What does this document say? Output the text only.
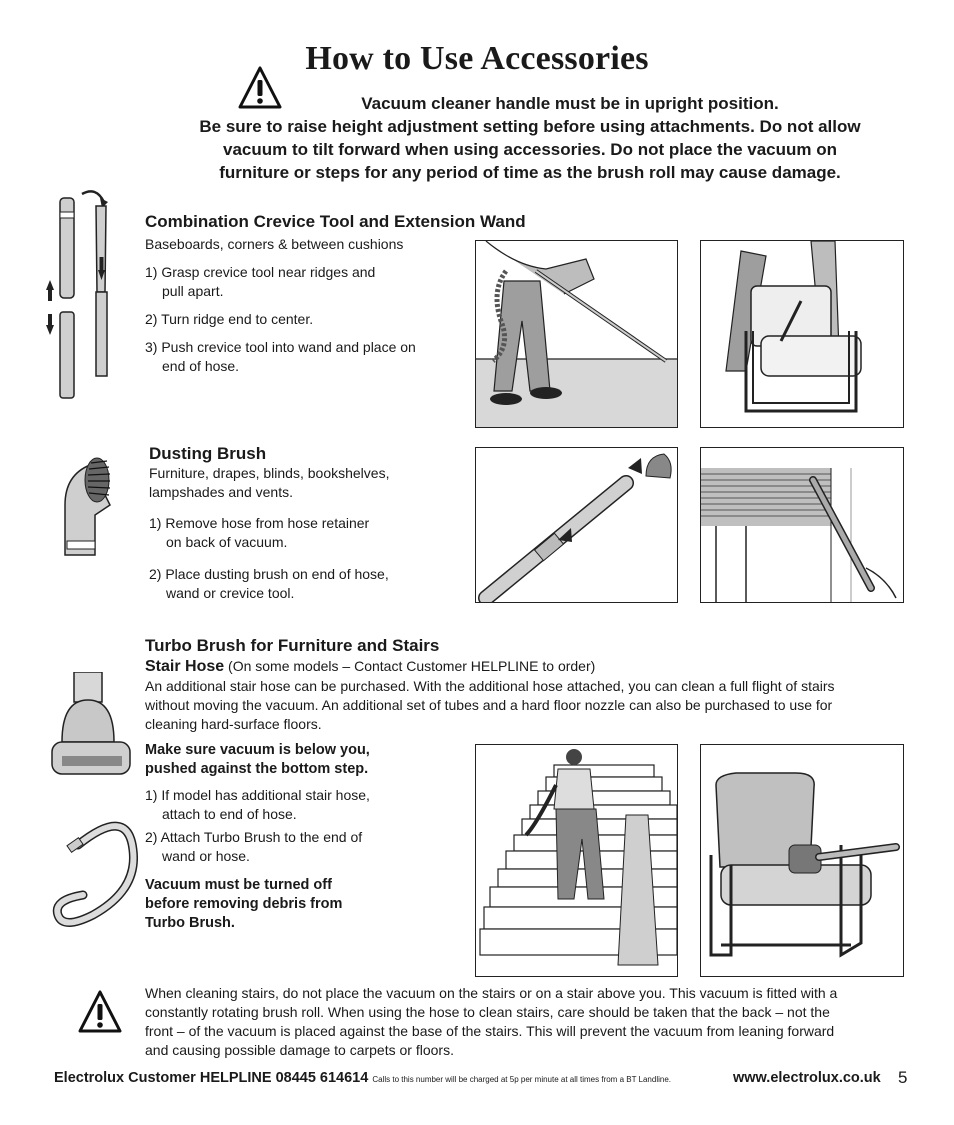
How to Use Accessories
Vacuum cleaner handle must be in upright position.
Be sure to raise height adjustment setting before using attachments. Do not allow
vacuum to tilt forward when using accessories. Do not place the vacuum on
furniture or steps for any period of time as the brush roll may cause damage.
Combination Crevice Tool and Extension Wand
Baseboards, corners & between cushions
1) Grasp crevice tool near ridges and
pull apart.
2) Turn ridge end to center.
3) Push crevice tool into wand and place on
end of hose.
Dusting Brush
Furniture, drapes, blinds, bookshelves,
lampshades and vents.
1) Remove hose from hose retainer
on back of vacuum.
2) Place dusting brush on end of hose,
wand or crevice tool.
Turbo Brush for Furniture and Stairs
Stair Hose (On some models – Contact Customer HELPLINE to order)
An additional stair hose can be purchased. With the additional hose attached, you can clean a full flight of stairs
without moving the vacuum. An additional set of tubes and a hard floor nozzle can also be purchased to use for
cleaning hard-surface floors.
Make sure vacuum is below you,
pushed against the bottom step.
1) If model has additional stair hose,
attach to end of hose.
2) Attach Turbo Brush to the end of
wand or hose.
Vacuum must be turned off
before removing debris from
Turbo Brush.
When cleaning stairs, do not place the vacuum on the stairs or on a stair above you. This vacuum is fitted with a
constantly rotating brush roll. When using the hose to clean stairs, care should be taken that the back – not the
front – of the vacuum is placed against the base of the stairs. This will prevent the vacuum from leaning forward
and causing possible damage to carpets or floors.
Electrolux Customer HELPLINE 08445 614614 Calls to this number will be charged at 5p per minute at all times from a BT Landline.	www.electrolux.co.uk 5
